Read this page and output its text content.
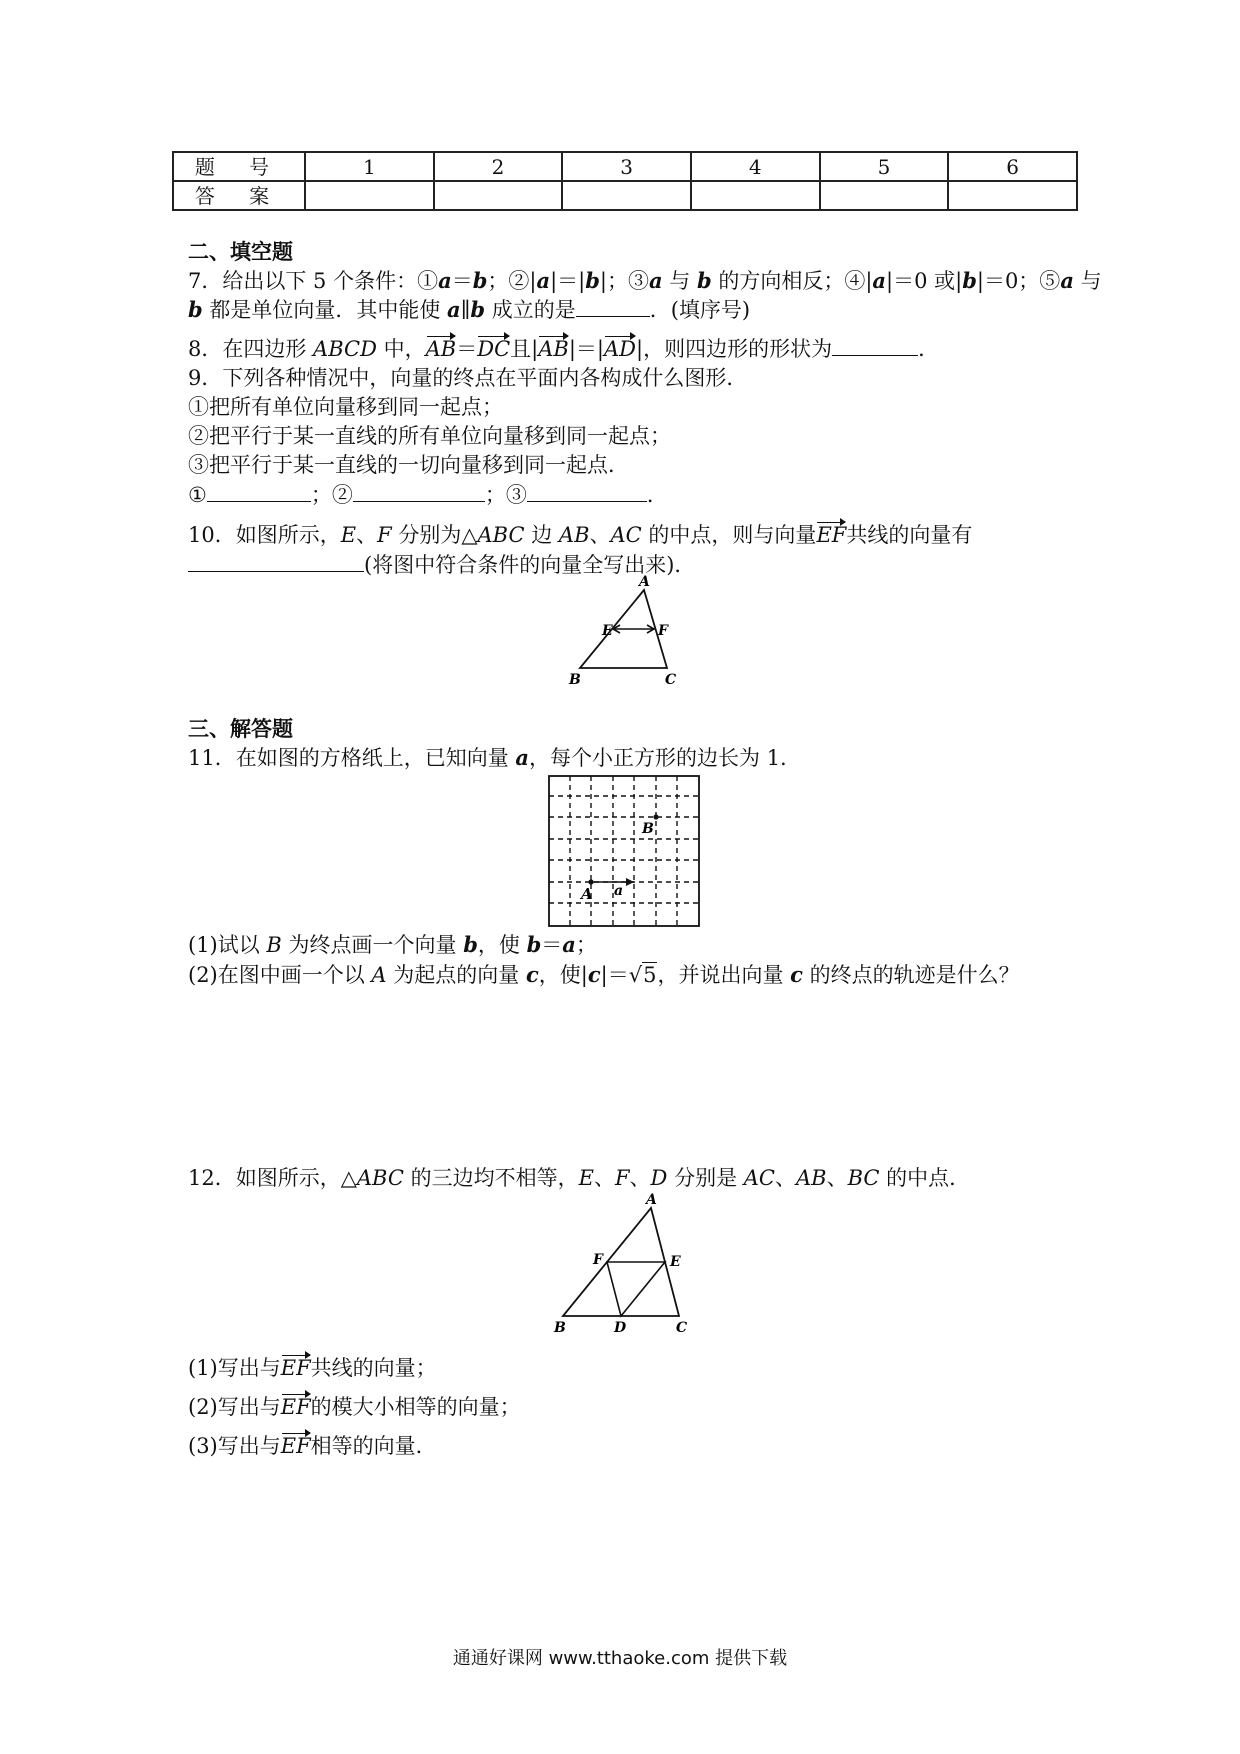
题 号	1	2	3	4	5	6
答 案						
二、填空题
7．给出以下 5 个条件：①a＝b；②|a|＝|b|；③a 与 b 的方向相反；④|a|＝0 或|b|＝0；⑤a 与
b 都是单位向量．其中能使 a∥b 成立的是	．(填序号)
8．在四边形 ABCD 中，AB＝DC且|AB|＝|AD|，则四边形的形状为	．
9．下列各种情况中，向量的终点在平面内各构成什么图形．
①把所有单位向量移到同一起点；
②把平行于某一直线的所有单位向量移到同一起点；
③把平行于某一直线的一切向量移到同一起点．
①	；②	；③	．
10．如图所示，E、F 分别为△ABC 边 AB、AC 的中点，则与向量EF共线的向量有
(将图中符合条件的向量全写出来)．
A
E	F
B	C
三、解答题
11．在如图的方格纸上，已知向量 a，每个小正方形的边长为 1.
A
B
a
(1)试以 B 为终点画一个向量 b，使 b＝a；
(2)在图中画一个以 A 为起点的向量 c，使|c|＝√5，并说出向量 c 的终点的轨迹是什么？
12．如图所示，△ABC 的三边均不相等，E、F、D 分别是 AC、AB、BC 的中点．
A
F	E
B	D	C
(1)写出与EF共线的向量；
(2)写出与EF的模大小相等的向量；
(3)写出与EF相等的向量．
通通好课网 www.tthaoke.com 提供下载
